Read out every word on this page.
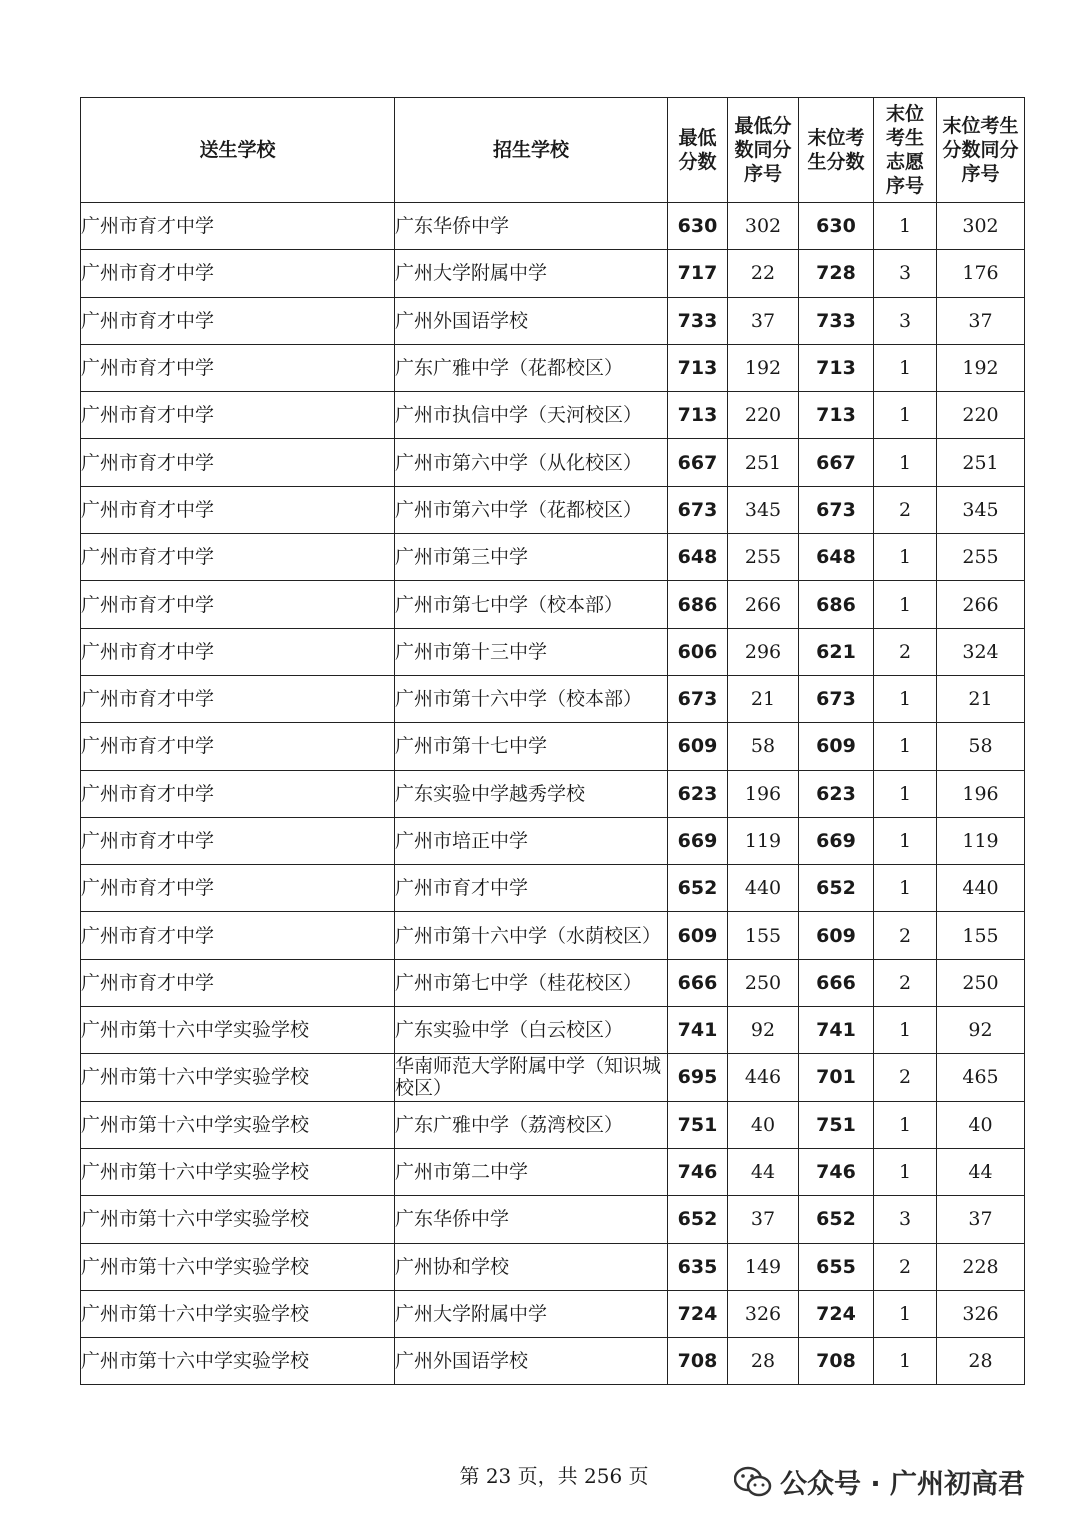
送生学校	招生学校	最低分数	最低分数同分序号	末位考生分数	末位考生志愿序号	末位考生分数同分序号
广州市育才中学	广东华侨中学	630	302	630	1	302
广州市育才中学	广州大学附属中学	717	22	728	3	176
广州市育才中学	广州外国语学校	733	37	733	3	37
广州市育才中学	广东广雅中学（花都校区）	713	192	713	1	192
广州市育才中学	广州市执信中学（天河校区）	713	220	713	1	220
广州市育才中学	广州市第六中学（从化校区）	667	251	667	1	251
广州市育才中学	广州市第六中学（花都校区）	673	345	673	2	345
广州市育才中学	广州市第三中学	648	255	648	1	255
广州市育才中学	广州市第七中学（校本部）	686	266	686	1	266
广州市育才中学	广州市第十三中学	606	296	621	2	324
广州市育才中学	广州市第十六中学（校本部）	673	21	673	1	21
广州市育才中学	广州市第十七中学	609	58	609	1	58
广州市育才中学	广东实验中学越秀学校	623	196	623	1	196
广州市育才中学	广州市培正中学	669	119	669	1	119
广州市育才中学	广州市育才中学	652	440	652	1	440
广州市育才中学	广州市第十六中学（水荫校区）	609	155	609	2	155
广州市育才中学	广州市第七中学（桂花校区）	666	250	666	2	250
广州市第十六中学实验学校	广东实验中学（白云校区）	741	92	741	1	92
广州市第十六中学实验学校	华南师范大学附属中学（知识城校区）	695	446	701	2	465
广州市第十六中学实验学校	广东广雅中学（荔湾校区）	751	40	751	1	40
广州市第十六中学实验学校	广州市第二中学	746	44	746	1	44
广州市第十六中学实验学校	广东华侨中学	652	37	652	3	37
广州市第十六中学实验学校	广州协和学校	635	149	655	2	228
广州市第十六中学实验学校	广州大学附属中学	724	326	724	1	326
广州市第十六中学实验学校	广州外国语学校	708	28	708	1	28
第 23 页，共 256 页	公众号 · 广州初高君
